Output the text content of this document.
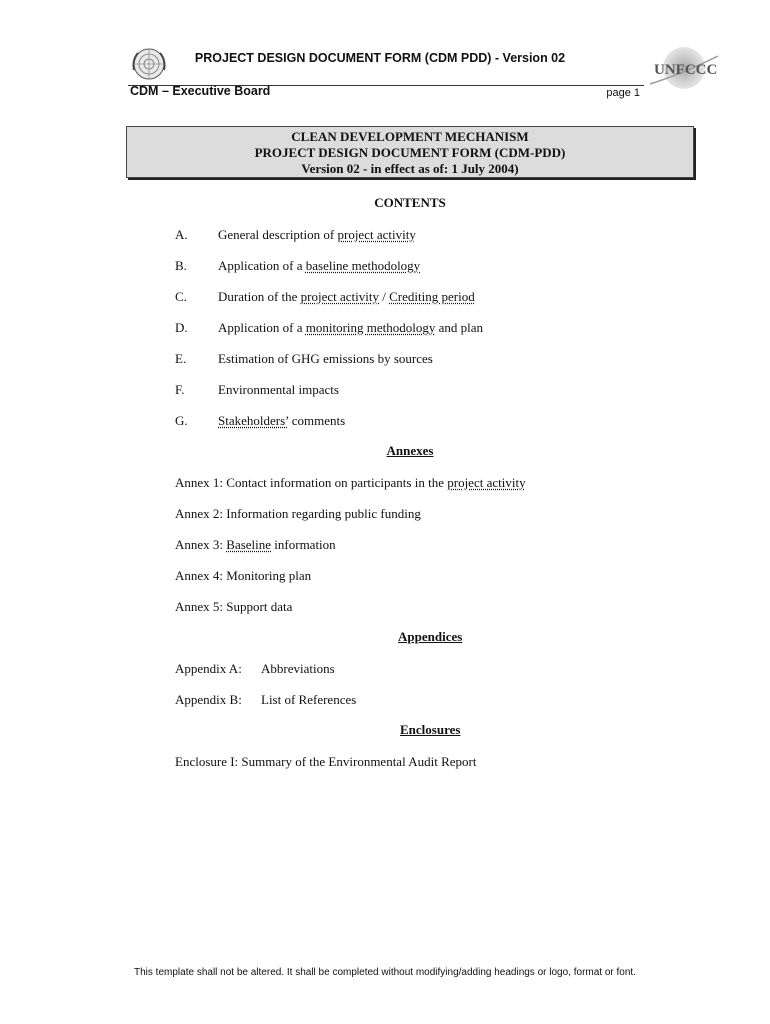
UNFCCC
PROJECT DESIGN DOCUMENT FORM (CDM PDD) - Version 02
CDM – Executive Board	page 1
CLEAN DEVELOPMENT MECHANISM
PROJECT DESIGN DOCUMENT FORM (CDM-PDD)
Version 02 - in effect as of: 1 July 2004)
CONTENTS
A.	General description of project activity
B.	Application of a baseline methodology
C.	Duration of the project activity / Crediting period
D.	Application of a monitoring methodology and plan
E.	Estimation of GHG emissions by sources
F.	Environmental impacts
G.	Stakeholders’ comments
Annexes
Annex 1: Contact information on participants in the project activity
Annex 2: Information regarding public funding
Annex 3: Baseline information
Annex 4: Monitoring plan
Annex 5: Support data
Appendices
Appendix A: Abbreviations
Appendix B: List of References
Enclosures
Enclosure I: Summary of the Environmental Audit Report
This template shall not be altered. It shall be completed without modifying/adding headings or logo, format or font.
